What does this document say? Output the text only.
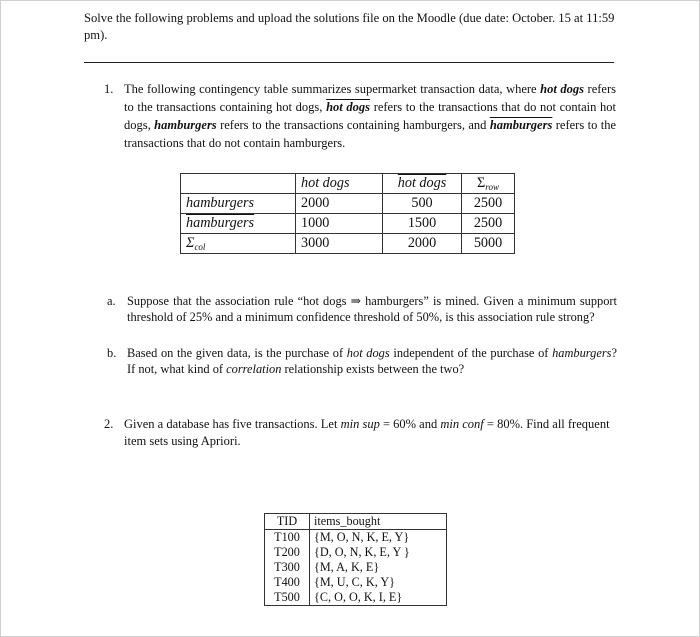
Solve the following problems and upload the solutions file on the Moodle (due date: October. 15 at 11:59 pm).
1. The following contingency table summarizes supermarket transaction data, where hot dogs refers to the transactions containing hot dogs, hot dogs refers to the transactions that do not contain hot dogs, hamburgers refers to the transactions containing hamburgers, and hamburgers refers to the transactions that do not contain hamburgers.
	hot dogs	hot dogs	$\Sigma_{row}$
hamburgers	2000	500	2500
hamburgers	1000	1500	2500
$\Sigma_{col}$	3000	2000	5000
a. Suppose that the association rule “hot dogs ⇒ hamburgers” is mined. Given a minimum support threshold of 25% and a minimum confidence threshold of 50%, is this association rule strong?
b. Based on the given data, is the purchase of hot dogs independent of the purchase of hamburgers? If not, what kind of correlation relationship exists between the two?
2. Given a database has five transactions. Let min sup = 60% and min conf = 80%. Find all frequent item sets using Apriori.
TID	items_bought
T100	{M, O, N, K, E, Y}
T200	{D, O, N, K, E, Y }
T300	{M, A, K, E}
T400	{M, U, C, K, Y}
T500	{C, O, O, K, I, E}
